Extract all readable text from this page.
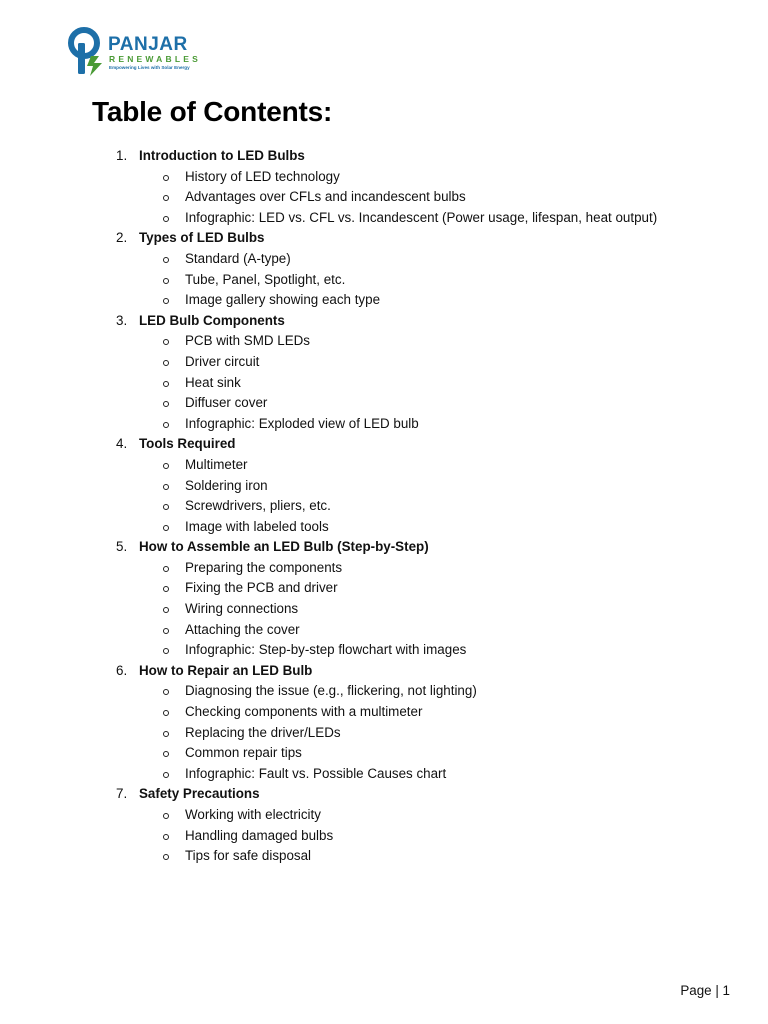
PANJAR
RENEWABLES
Empowering Lives with Solar Energy
Table of Contents:
1. Introduction to LED Bulbs
History of LED technology
Advantages over CFLs and incandescent bulbs
Infographic: LED vs. CFL vs. Incandescent (Power usage, lifespan, heat output)
2. Types of LED Bulbs
Standard (A-type)
Tube, Panel, Spotlight, etc.
Image gallery showing each type
3. LED Bulb Components
PCB with SMD LEDs
Driver circuit
Heat sink
Diffuser cover
Infographic: Exploded view of LED bulb
4. Tools Required
Multimeter
Soldering iron
Screwdrivers, pliers, etc.
Image with labeled tools
5. How to Assemble an LED Bulb (Step-by-Step)
Preparing the components
Fixing the PCB and driver
Wiring connections
Attaching the cover
Infographic: Step-by-step flowchart with images
6. How to Repair an LED Bulb
Diagnosing the issue (e.g., flickering, not lighting)
Checking components with a multimeter
Replacing the driver/LEDs
Common repair tips
Infographic: Fault vs. Possible Causes chart
7. Safety Precautions
Working with electricity
Handling damaged bulbs
Tips for safe disposal
Page | 1
